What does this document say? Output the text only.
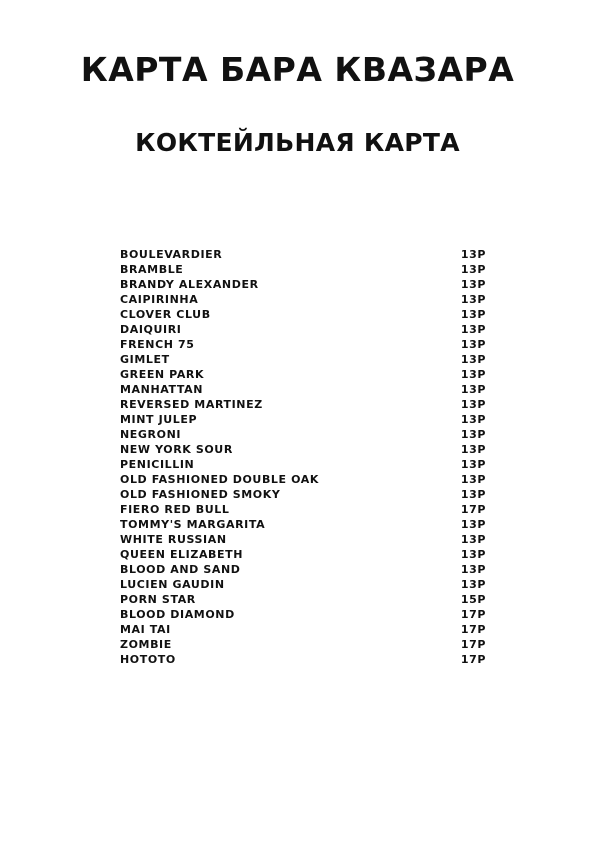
КАРТА БАРА КВАЗАРА
КОКТЕЙЛЬНАЯ КАРТА
BOULEVARDIER	13Р
BRAMBLE	13Р
BRANDY ALEXANDER	13Р
CAIPIRINHA	13Р
CLOVER CLUB	13Р
DAIQUIRI	13Р
FRENCH 75	13Р
GIMLET	13Р
GREEN PARK	13Р
MANHATTAN	13Р
REVERSED MARTINEZ	13Р
MINT JULEP	13Р
NEGRONI	13Р
NEW YORK SOUR	13Р
PENICILLIN	13Р
OLD FASHIONED DOUBLE OAK	13Р
OLD FASHIONED SMOKY	13Р
FIERO RED BULL	17Р
TOMMY'S MARGARITA	13Р
WHITE RUSSIAN	13Р
QUEEN ELIZABETH	13Р
BLOOD AND SAND	13Р
LUCIEN GAUDIN	13Р
PORN STAR	15Р
BLOOD DIAMOND	17Р
MAI TAI	17Р
ZOMBIE	17Р
HOTOTO	17Р
